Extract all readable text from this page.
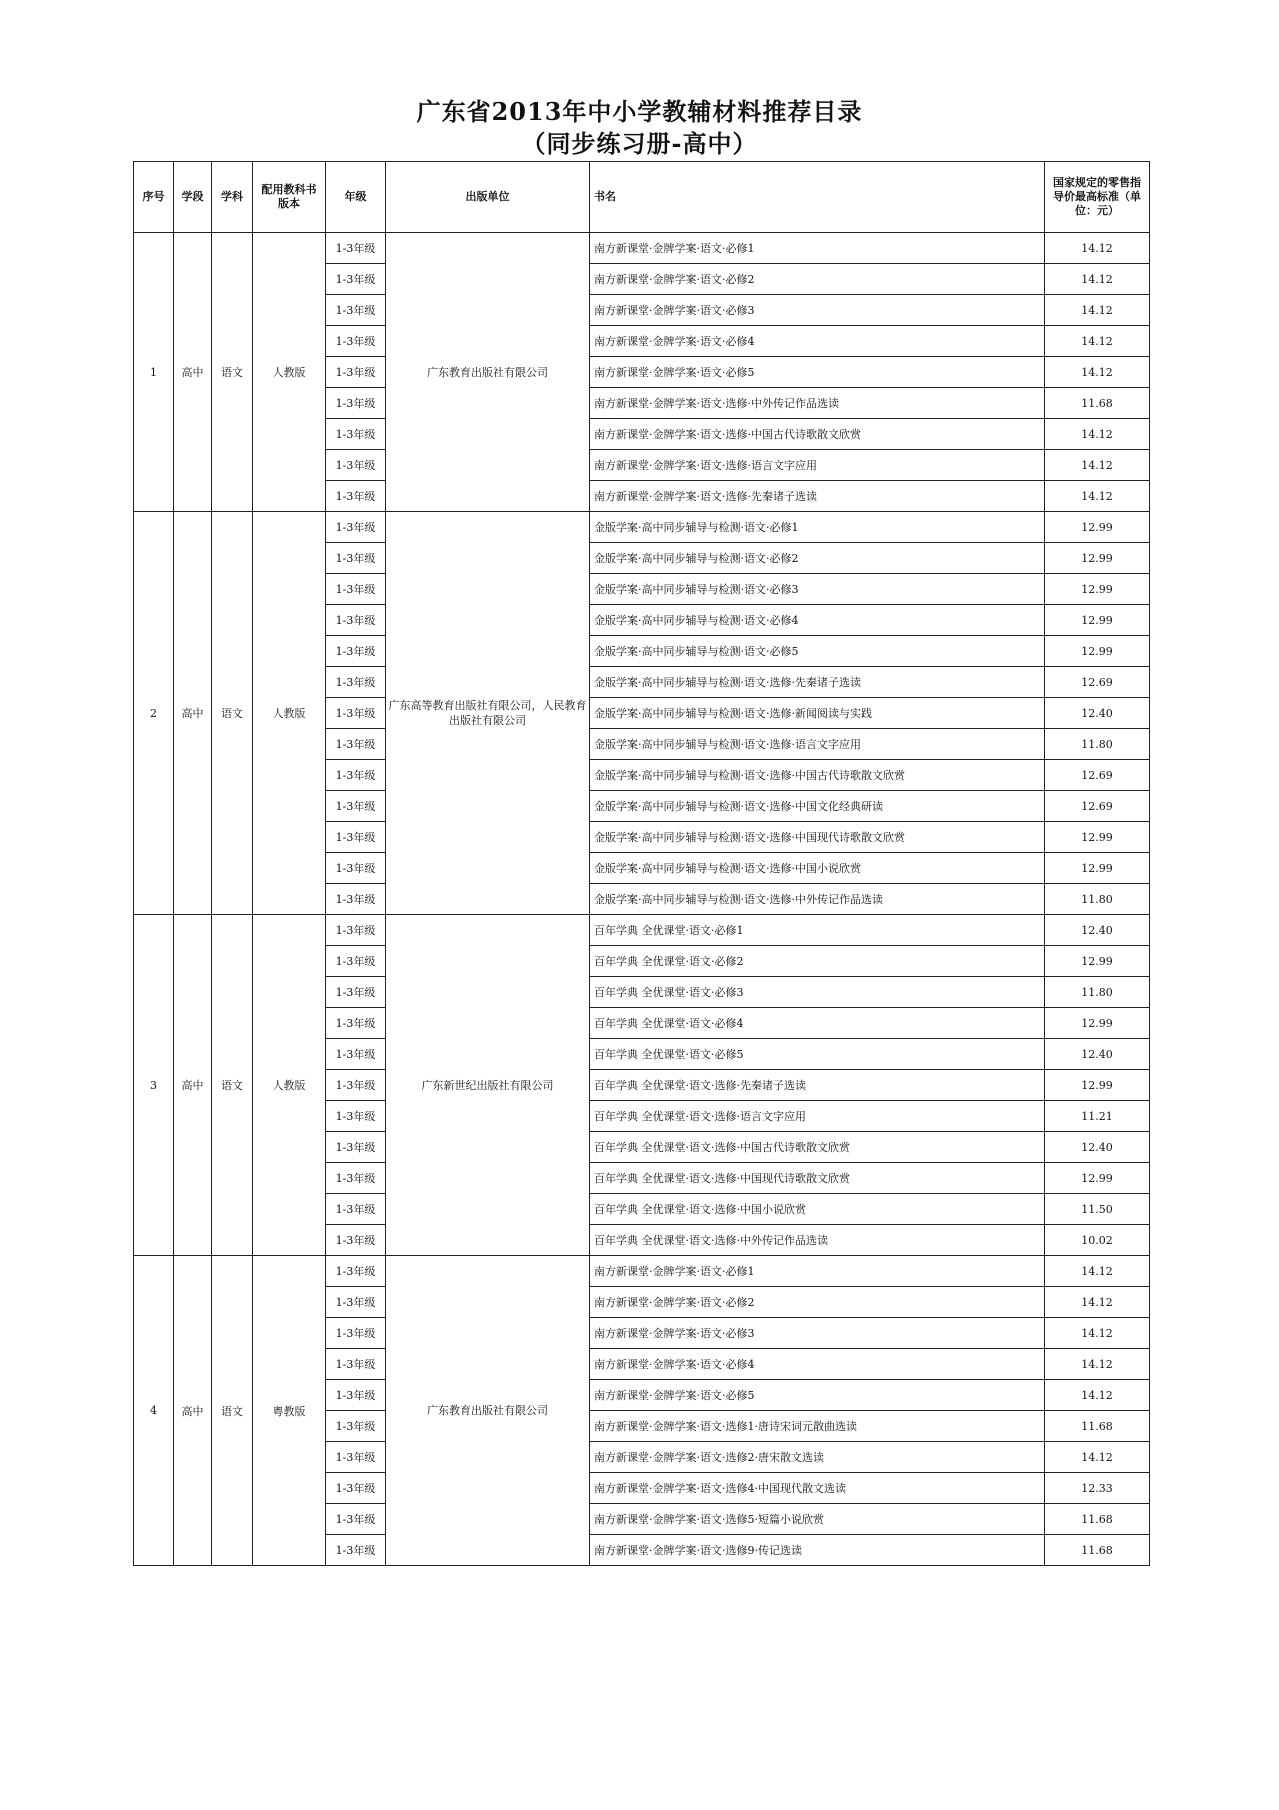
广东省2013年中小学教辅材料推荐目录
（同步练习册-高中）
序号	学段	学科	配用教科书版本	年级	出版单位	书名	国家规定的零售指导价最高标准（单位：元）
1	高中	语文	人教版	1-3年级	广东教育出版社有限公司	南方新课堂·金牌学案·语文·必修1	14.12
				1-3年级		南方新课堂·金牌学案·语文·必修2	14.12
				1-3年级		南方新课堂·金牌学案·语文·必修3	14.12
				1-3年级		南方新课堂·金牌学案·语文·必修4	14.12
				1-3年级		南方新课堂·金牌学案·语文·必修5	14.12
				1-3年级		南方新课堂·金牌学案·语文·选修·中外传记作品选读	11.68
				1-3年级		南方新课堂·金牌学案·语文·选修·中国古代诗歌散文欣赏	14.12
				1-3年级		南方新课堂·金牌学案·语文·选修·语言文字应用	14.12
				1-3年级		南方新课堂·金牌学案·语文·选修·先秦诸子选读	14.12
2	高中	语文	人教版	1-3年级	广东高等教育出版社有限公司，人民教育出版社有限公司	金版学案·高中同步辅导与检测·语文·必修1	12.99
				1-3年级		金版学案·高中同步辅导与检测·语文·必修2	12.99
				1-3年级		金版学案·高中同步辅导与检测·语文·必修3	12.99
				1-3年级		金版学案·高中同步辅导与检测·语文·必修4	12.99
				1-3年级		金版学案·高中同步辅导与检测·语文·必修5	12.99
				1-3年级		金版学案·高中同步辅导与检测·语文·选修·先秦诸子选读	12.69
				1-3年级		金版学案·高中同步辅导与检测·语文·选修·新闻阅读与实践	12.40
				1-3年级		金版学案·高中同步辅导与检测·语文·选修·语言文字应用	11.80
				1-3年级		金版学案·高中同步辅导与检测·语文·选修·中国古代诗歌散文欣赏	12.69
				1-3年级		金版学案·高中同步辅导与检测·语文·选修·中国文化经典研读	12.69
				1-3年级		金版学案·高中同步辅导与检测·语文·选修·中国现代诗歌散文欣赏	12.99
				1-3年级		金版学案·高中同步辅导与检测·语文·选修·中国小说欣赏	12.99
				1-3年级		金版学案·高中同步辅导与检测·语文·选修·中外传记作品选读	11.80
3	高中	语文	人教版	1-3年级	广东新世纪出版社有限公司	百年学典 全优课堂·语文·必修1	12.40
				1-3年级		百年学典 全优课堂·语文·必修2	12.99
				1-3年级		百年学典 全优课堂·语文·必修3	11.80
				1-3年级		百年学典 全优课堂·语文·必修4	12.99
				1-3年级		百年学典 全优课堂·语文·必修5	12.40
				1-3年级		百年学典 全优课堂·语文·选修·先秦诸子选读	12.99
				1-3年级		百年学典 全优课堂·语文·选修·语言文字应用	11.21
				1-3年级		百年学典 全优课堂·语文·选修·中国古代诗歌散文欣赏	12.40
				1-3年级		百年学典 全优课堂·语文·选修·中国现代诗歌散文欣赏	12.99
				1-3年级		百年学典 全优课堂·语文·选修·中国小说欣赏	11.50
				1-3年级		百年学典 全优课堂·语文·选修·中外传记作品选读	10.02
4	高中	语文	粤教版	1-3年级	广东教育出版社有限公司	南方新课堂·金牌学案·语文·必修1	14.12
				1-3年级		南方新课堂·金牌学案·语文·必修2	14.12
				1-3年级		南方新课堂·金牌学案·语文·必修3	14.12
				1-3年级		南方新课堂·金牌学案·语文·必修4	14.12
				1-3年级		南方新课堂·金牌学案·语文·必修5	14.12
				1-3年级		南方新课堂·金牌学案·语文·选修1·唐诗宋词元散曲选读	11.68
				1-3年级		南方新课堂·金牌学案·语文·选修2·唐宋散文选读	14.12
				1-3年级		南方新课堂·金牌学案·语文·选修4·中国现代散文选读	12.33
				1-3年级		南方新课堂·金牌学案·语文·选修5·短篇小说欣赏	11.68
				1-3年级		南方新课堂·金牌学案·语文·选修9·传记选读	11.68
